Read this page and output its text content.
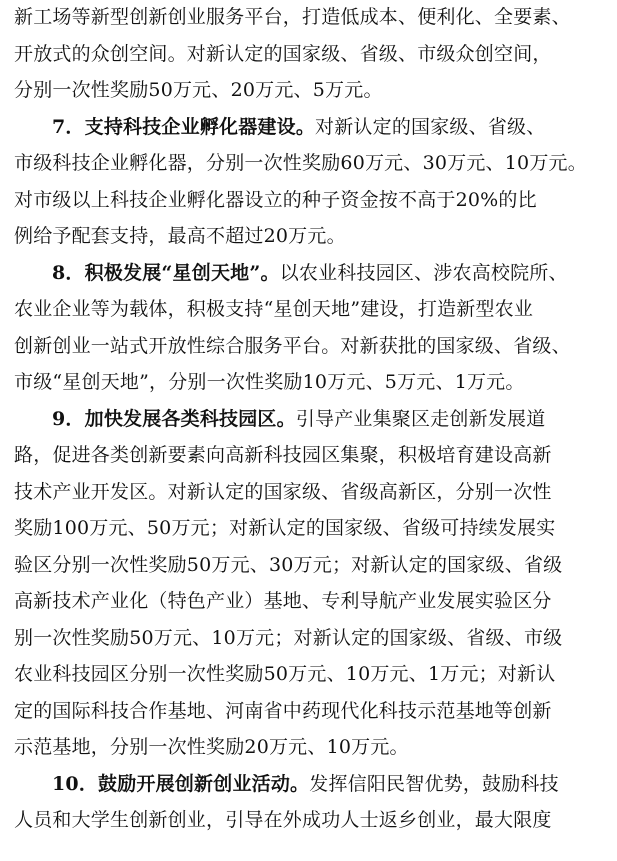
新工场等新型创新创业服务平台，打造低成本、便利化、全要素、
开放式的众创空间。对新认定的国家级、省级、市级众创空间，
分别一次性奖励50万元、20万元、5万元。
7．支持科技企业孵化器建设。对新认定的国家级、省级、
市级科技企业孵化器，分别一次性奖励60万元、30万元、10万元。
对市级以上科技企业孵化器设立的种子资金按不高于20%的比
例给予配套支持，最高不超过20万元。
8．积极发展“星创天地”。以农业科技园区、涉农高校院所、
农业企业等为载体，积极支持“星创天地”建设，打造新型农业
创新创业一站式开放性综合服务平台。对新获批的国家级、省级、
市级“星创天地”，分别一次性奖励10万元、5万元、1万元。
9．加快发展各类科技园区。引导产业集聚区走创新发展道
路，促进各类创新要素向高新科技园区集聚，积极培育建设高新
技术产业开发区。对新认定的国家级、省级高新区，分别一次性
奖励100万元、50万元；对新认定的国家级、省级可持续发展实
验区分别一次性奖励50万元、30万元；对新认定的国家级、省级
高新技术产业化（特色产业）基地、专利导航产业发展实验区分
别一次性奖励50万元、10万元；对新认定的国家级、省级、市级
农业科技园区分别一次性奖励50万元、10万元、1万元；对新认
定的国际科技合作基地、河南省中药现代化科技示范基地等创新
示范基地，分别一次性奖励20万元、10万元。
10．鼓励开展创新创业活动。发挥信阳民智优势，鼓励科技
人员和大学生创新创业，引导在外成功人士返乡创业，最大限度
